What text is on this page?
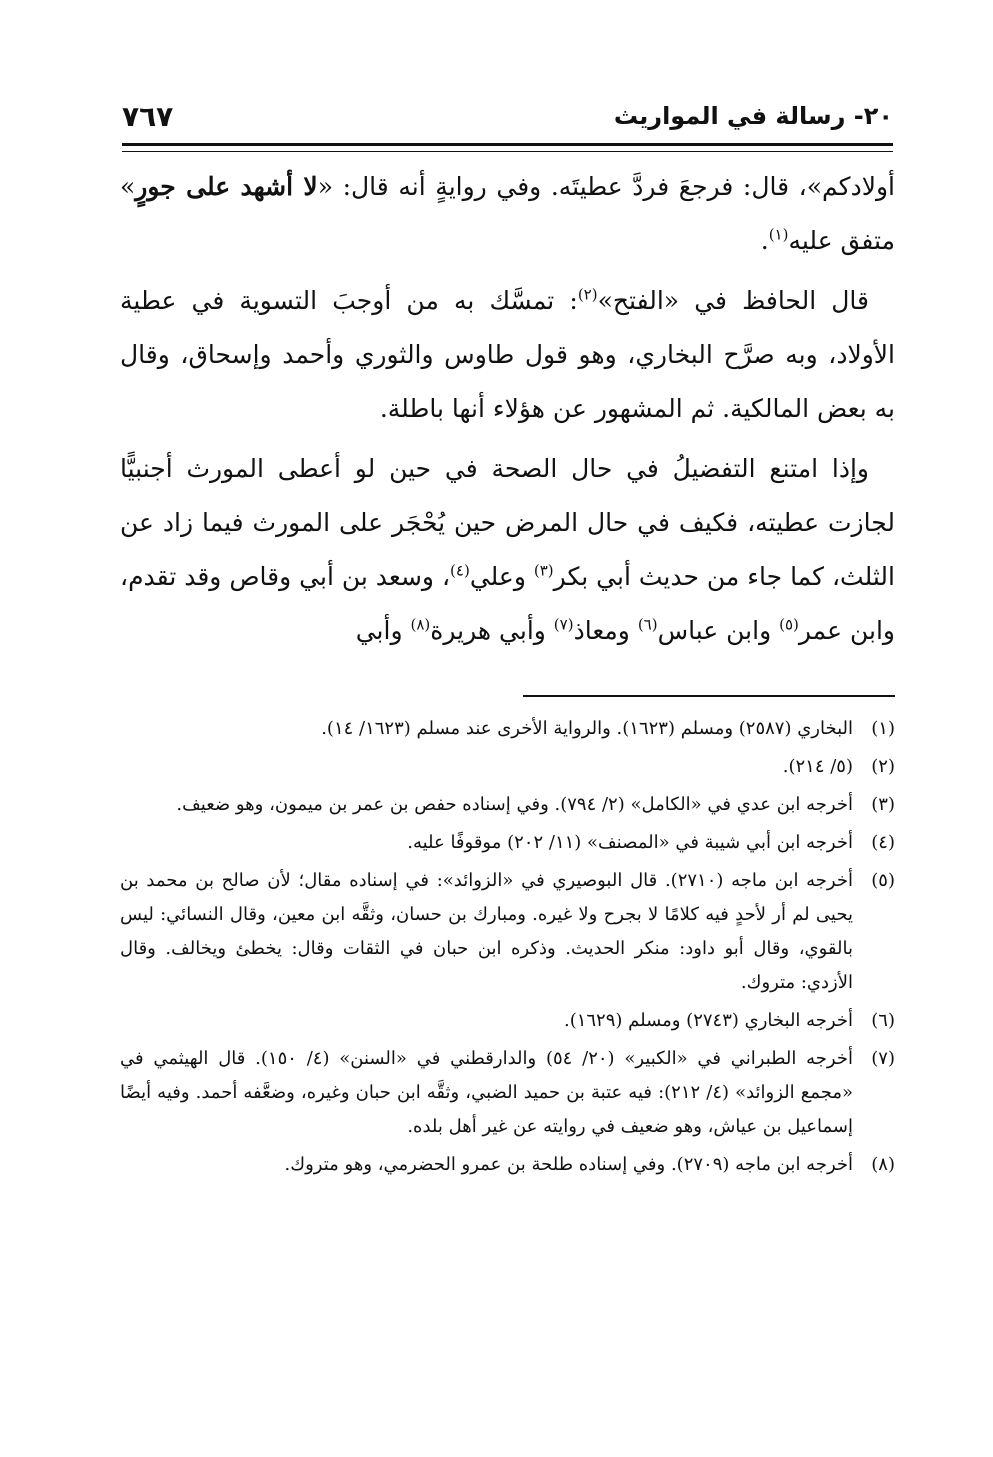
٢٠- رسالة في المواريث
٧٦٧

أولادكم»، قال: فرجعَ فردَّ عطيتَه. وفي روايةٍ أنه قال: «لا أشهد على جورٍ» متفق عليه$^{(١)}$.

قال الحافظ في «الفتح»$^{(٢)}$: تمسَّك به من أوجبَ التسوية في عطية الأولاد، وبه صرَّح البخاري، وهو قول طاوس والثوري وأحمد وإسحاق، وقال به بعض المالكية. ثم المشهور عن هؤلاء أنها باطلة.

وإذا امتنع التفضيلُ في حال الصحة في حين لو أعطى المورث أجنبيًّا لجازت عطيته، فكيف في حال المرض حين يُحْجَر على المورث فيما زاد عن الثلث، كما جاء من حديث أبي بكر$^{(٣)}$ وعلي$^{(٤)}$، وسعد بن أبي وقاص وقد تقدم، وابن عمر$^{(٥)}$ وابن عباس$^{(٦)}$ ومعاذ$^{(٧)}$ وأبي هريرة$^{(٨)}$ وأبي

(١)
البخاري (٢٥٨٧) ومسلم (١٦٢٣). والرواية الأخرى عند مسلم (١٦٢٣/ ١٤).
(٢)
(٥/ ٢١٤).
(٣)
أخرجه ابن عدي في «الكامل» (٢/ ٧٩٤). وفي إسناده حفص بن عمر بن ميمون، وهو ضعيف.
(٤)
أخرجه ابن أبي شيبة في «المصنف» (١١/ ٢٠٢) موقوفًا عليه.
(٥)
أخرجه ابن ماجه (٢٧١٠). قال البوصيري في «الزوائد»: في إسناده مقال؛ لأن صالح بن محمد بن يحيى لم أر لأحدٍ فيه كلامًا لا بجرح ولا غيره. ومبارك بن حسان، وثقَّه ابن معين، وقال النسائي: ليس بالقوي، وقال أبو داود: منكر الحديث. وذكره ابن حبان في الثقات وقال: يخطئ ويخالف. وقال الأزدي: متروك.
(٦)
أخرجه البخاري (٢٧٤٣) ومسلم (١٦٢٩).
(٧)
أخرجه الطبراني في «الكبير» (٢٠/ ٥٤) والدارقطني في «السنن» (٤/ ١٥٠). قال الهيثمي في «مجمع الزوائد» (٤/ ٢١٢): فيه عتبة بن حميد الضبي، وثقَّه ابن حبان وغيره، وضعَّفه أحمد. وفيه أيضًا إسماعيل بن عياش، وهو ضعيف في روايته عن غير أهل بلده.
(٨)
أخرجه ابن ماجه (٢٧٠٩). وفي إسناده طلحة بن عمرو الحضرمي، وهو متروك.
